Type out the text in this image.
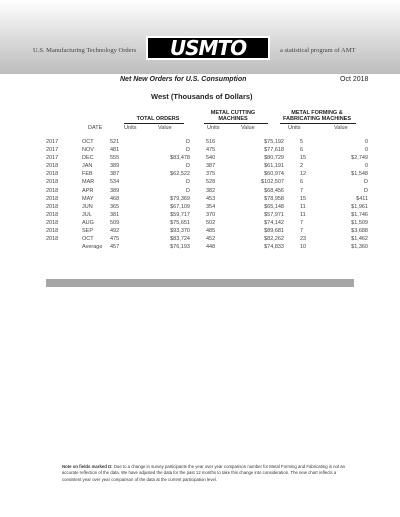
U.S. Manufacturing Technology Orders USMTO	a statistical program of AMT
Net New Orders for U.S. Consumption	Oct 2018
West (Thousands of Dollars)
TOTAL ORDERS
METAL CUTTING
MACHINES
METAL FORMING &
FABRICATING MACHINES
DATE	Units	Value	Units	Value	Units	Value
2017	OCT	521	D	516	$75,192	5	0
2017	NOV	481	D	475	$77,618	6	0
2017	DEC	555	$83,478	540	$80,729	15	$2,749
2018	JAN	389	D	387	$61,191	2	0
2018	FEB	387	$62,522	375	$60,974	12	$1,548
2018	MAR	534	D	528	$102,507	6	D
2018	APR	389	D	382	$68,456	7	D
2018	MAY	468	$79,369	453	$78,958	15	$411
2018	JUN	365	$67,109	354	$65,148	11	$1,961
2018	JUL	381	$59,717	370	$57,971	11	$1,746
2018	AUG	509	$75,651	502	$74,142	7	$1,509
2018	SEP	492	$93,370	485	$89,681	7	$3,688
2018	OCT	475	$83,724	452	$82,262	23	$1,462
	Average	457	$76,193	448	$74,833	10	$1,360
Note on fields marked D: Due to a change in survey participants the year over year comparison number for Metal Forming and Fabricating is not an accurate reflection of the data. We have adjusted the data for the past 12 months to take this change into consideration. The new chart reflects a consistent year over year comparison of the data at the current participation level.
